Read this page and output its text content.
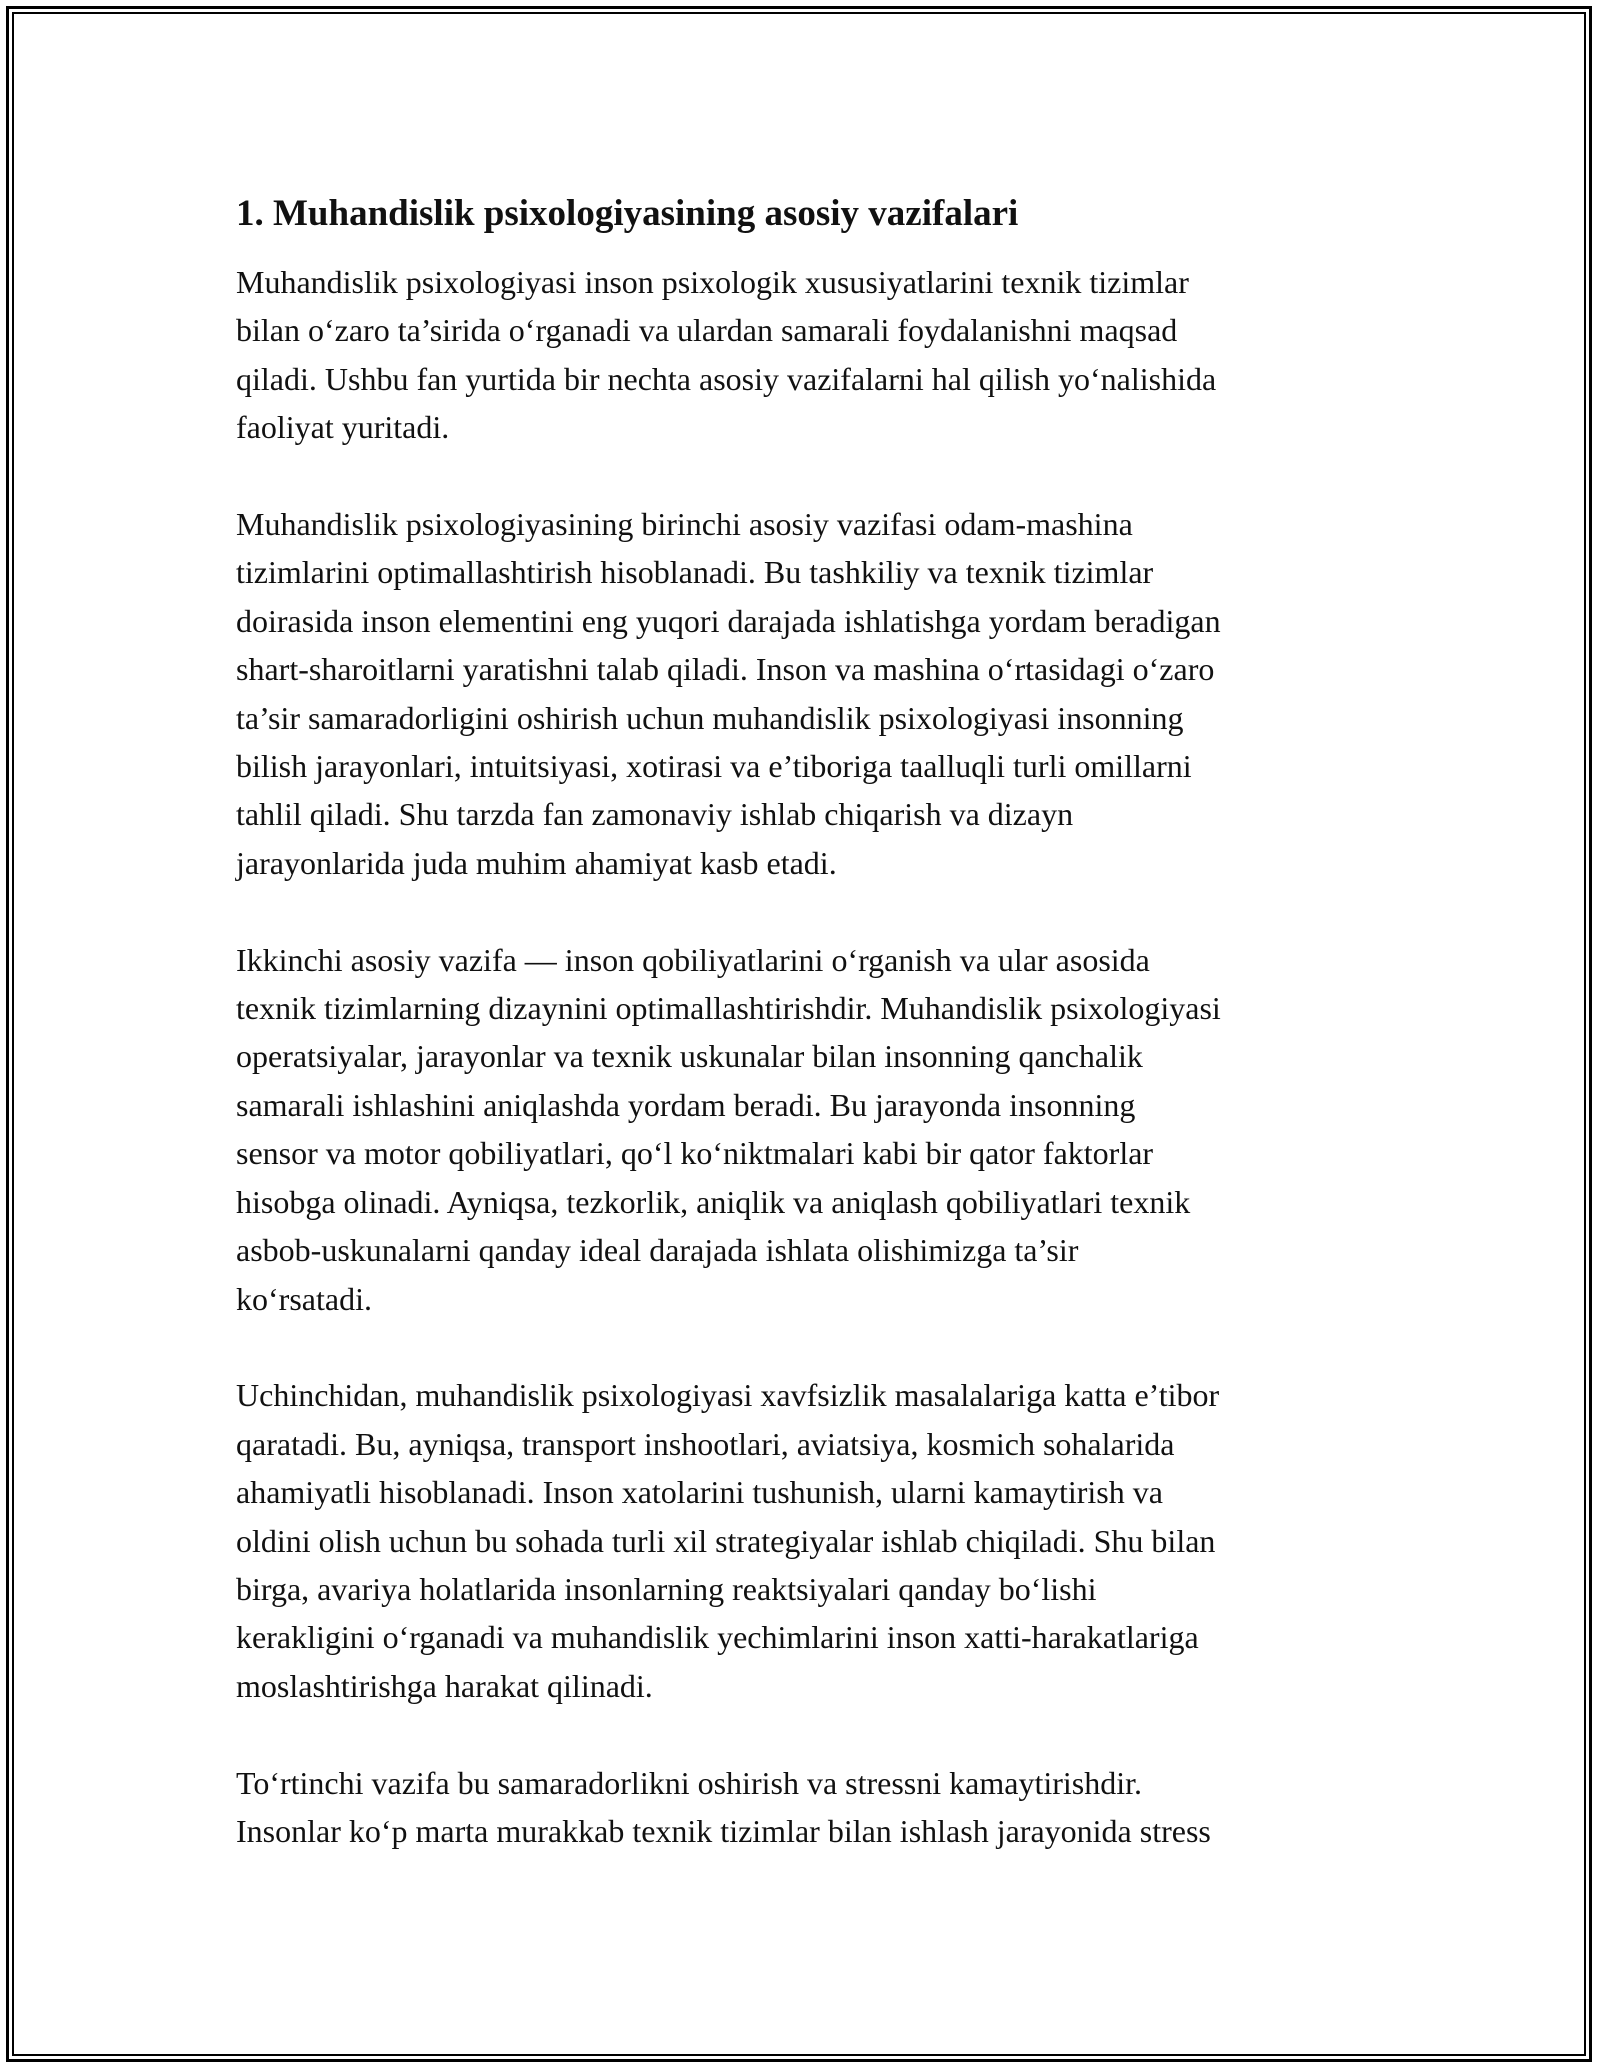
1. Muhandislik psixologiyasining asosiy vazifalari
Muhandislik psixologiyasi inson psixologik xususiyatlarini texnik tizimlar
bilan o‘zaro ta’sirida o‘rganadi va ulardan samarali foydalanishni maqsad
qiladi. Ushbu fan yurtida bir nechta asosiy vazifalarni hal qilish yo‘nalishida
faoliyat yuritadi.
Muhandislik psixologiyasining birinchi asosiy vazifasi odam-mashina
tizimlarini optimallashtirish hisoblanadi. Bu tashkiliy va texnik tizimlar
doirasida inson elementini eng yuqori darajada ishlatishga yordam beradigan
shart-sharoitlarni yaratishni talab qiladi. Inson va mashina o‘rtasidagi o‘zaro
ta’sir samaradorligini oshirish uchun muhandislik psixologiyasi insonning
bilish jarayonlari, intuitsiyasi, xotirasi va e’tiboriga taalluqli turli omillarni
tahlil qiladi. Shu tarzda fan zamonaviy ishlab chiqarish va dizayn
jarayonlarida juda muhim ahamiyat kasb etadi.
Ikkinchi asosiy vazifa — inson qobiliyatlarini o‘rganish va ular asosida
texnik tizimlarning dizaynini optimallashtirishdir. Muhandislik psixologiyasi
operatsiyalar, jarayonlar va texnik uskunalar bilan insonning qanchalik
samarali ishlashini aniqlashda yordam beradi. Bu jarayonda insonning
sensor va motor qobiliyatlari, qo‘l ko‘niktmalari kabi bir qator faktorlar
hisobga olinadi. Ayniqsa, tezkorlik, aniqlik va aniqlash qobiliyatlari texnik
asbob-uskunalarni qanday ideal darajada ishlata olishimizga ta’sir
ko‘rsatadi.
Uchinchidan, muhandislik psixologiyasi xavfsizlik masalalariga katta e’tibor
qaratadi. Bu, ayniqsa, transport inshootlari, aviatsiya, kosmich sohalarida
ahamiyatli hisoblanadi. Inson xatolarini tushunish, ularni kamaytirish va
oldini olish uchun bu sohada turli xil strategiyalar ishlab chiqiladi. Shu bilan
birga, avariya holatlarida insonlarning reaktsiyalari qanday bo‘lishi
kerakligini o‘rganadi va muhandislik yechimlarini inson xatti-harakatlariga
moslashtirishga harakat qilinadi.
To‘rtinchi vazifa bu samaradorlikni oshirish va stressni kamaytirishdir.
Insonlar ko‘p marta murakkab texnik tizimlar bilan ishlash jarayonida stress
